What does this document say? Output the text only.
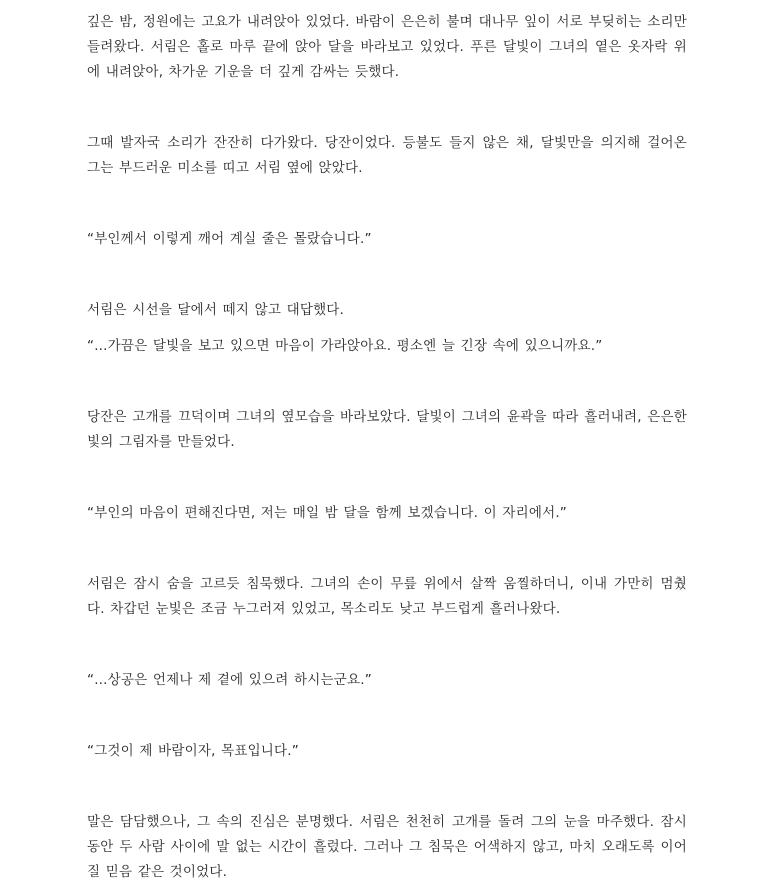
깊은 밤, 정원에는 고요가 내려앉아 있었다. 바람이 은은히 불며 대나무 잎이 서로 부딪히는 소리만 들려왔다. 서림은 홀로 마루 끝에 앉아 달을 바라보고 있었다. 푸른 달빛이 그녀의 옅은 옷자락 위에 내려앉아, 차가운 기운을 더 깊게 감싸는 듯했다.

그때 발자국 소리가 잔잔히 다가왔다. 당잔이었다. 등불도 들지 않은 채, 달빛만을 의지해 걸어온 그는 부드러운 미소를 띠고 서림 옆에 앉았다.

“부인께서 이렇게 깨어 계실 줄은 몰랐습니다.”

서림은 시선을 달에서 떼지 않고 대답했다.

“...가끔은 달빛을 보고 있으면 마음이 가라앉아요. 평소엔 늘 긴장 속에 있으니까요.”

당잔은 고개를 끄덕이며 그녀의 옆모습을 바라보았다. 달빛이 그녀의 윤곽을 따라 흘러내려, 은은한 빛의 그림자를 만들었다.

“부인의 마음이 편해진다면, 저는 매일 밤 달을 함께 보겠습니다. 이 자리에서.”

서림은 잠시 숨을 고르듯 침묵했다. 그녀의 손이 무릎 위에서 살짝 움찔하더니, 이내 가만히 멈췄다. 차갑던 눈빛은 조금 누그러져 있었고, 목소리도 낮고 부드럽게 흘러나왔다.

“...상공은 언제나 제 곁에 있으려 하시는군요.”

“그것이 제 바람이자, 목표입니다.”

말은 담담했으나, 그 속의 진심은 분명했다. 서림은 천천히 고개를 돌려 그의 눈을 마주했다. 잠시 동안 두 사람 사이에 말 없는 시간이 흘렀다. 그러나 그 침묵은 어색하지 않고, 마치 오래도록 이어질 믿음 같은 것이었다.
